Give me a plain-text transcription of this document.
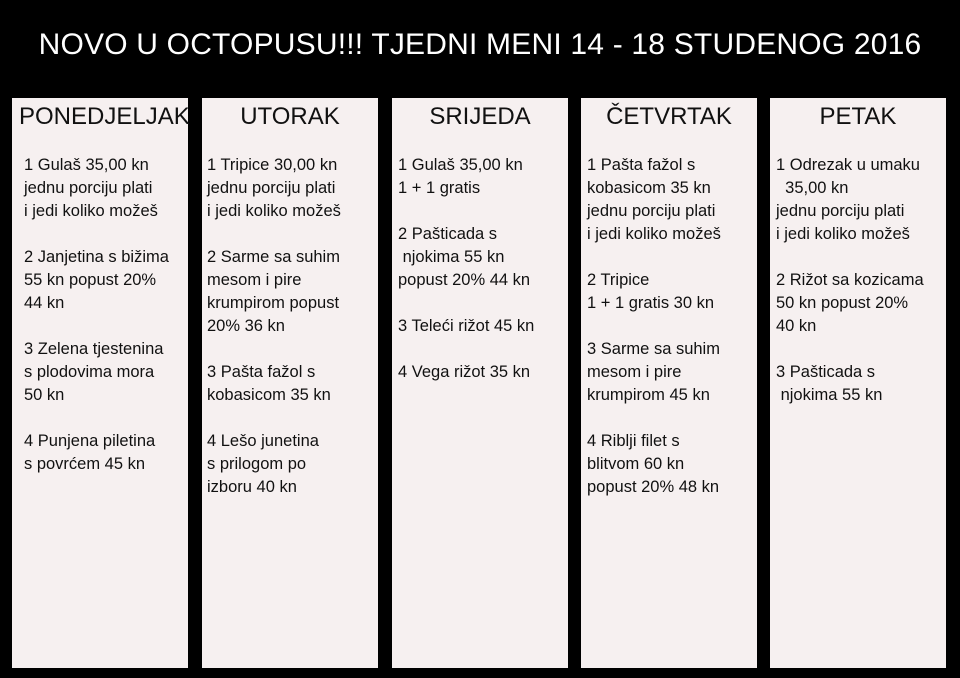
NOVO U OCTOPUSU!!! TJEDNI MENI 14 - 18 STUDENOG 2016
PONEDJELJAK
1 Gulaš 35,00 kn
jednu porciju plati
i jedi koliko možeš
2 Janjetina s bižima
55 kn popust 20%
44 kn
3 Zelena tjestenina
s plodovima mora
50 kn
4 Punjena piletina
s povrćem 45 kn
UTORAK
1 Tripice 30,00 kn
jednu porciju plati
i jedi koliko možeš
2 Sarme sa suhim
mesom i pire
krumpirom popust
20% 36 kn
3 Pašta fažol s
kobasicom 35 kn
4 Lešo junetina
s prilogom po
izboru 40 kn
SRIJEDA
1 Gulaš 35,00 kn
1 + 1 gratis
2 Pašticada s
njokima 55 kn
popust 20% 44 kn
3 Teleći rižot 45 kn
4 Vega rižot 35 kn
ČETVRTAK
1 Pašta fažol s
kobasicom 35 kn
jednu porciju plati
i jedi koliko možeš
2 Tripice
1 + 1 gratis 30 kn
3 Sarme sa suhim
mesom i pire
krumpirom 45 kn
4 Riblji filet s
blitvom 60 kn
popust 20% 48 kn
PETAK
1 Odrezak u umaku
35,00 kn
jednu porciju plati
i jedi koliko možeš
2 Rižot sa kozicama
50 kn popust 20%
40 kn
3 Pašticada s
njokima 55 kn
